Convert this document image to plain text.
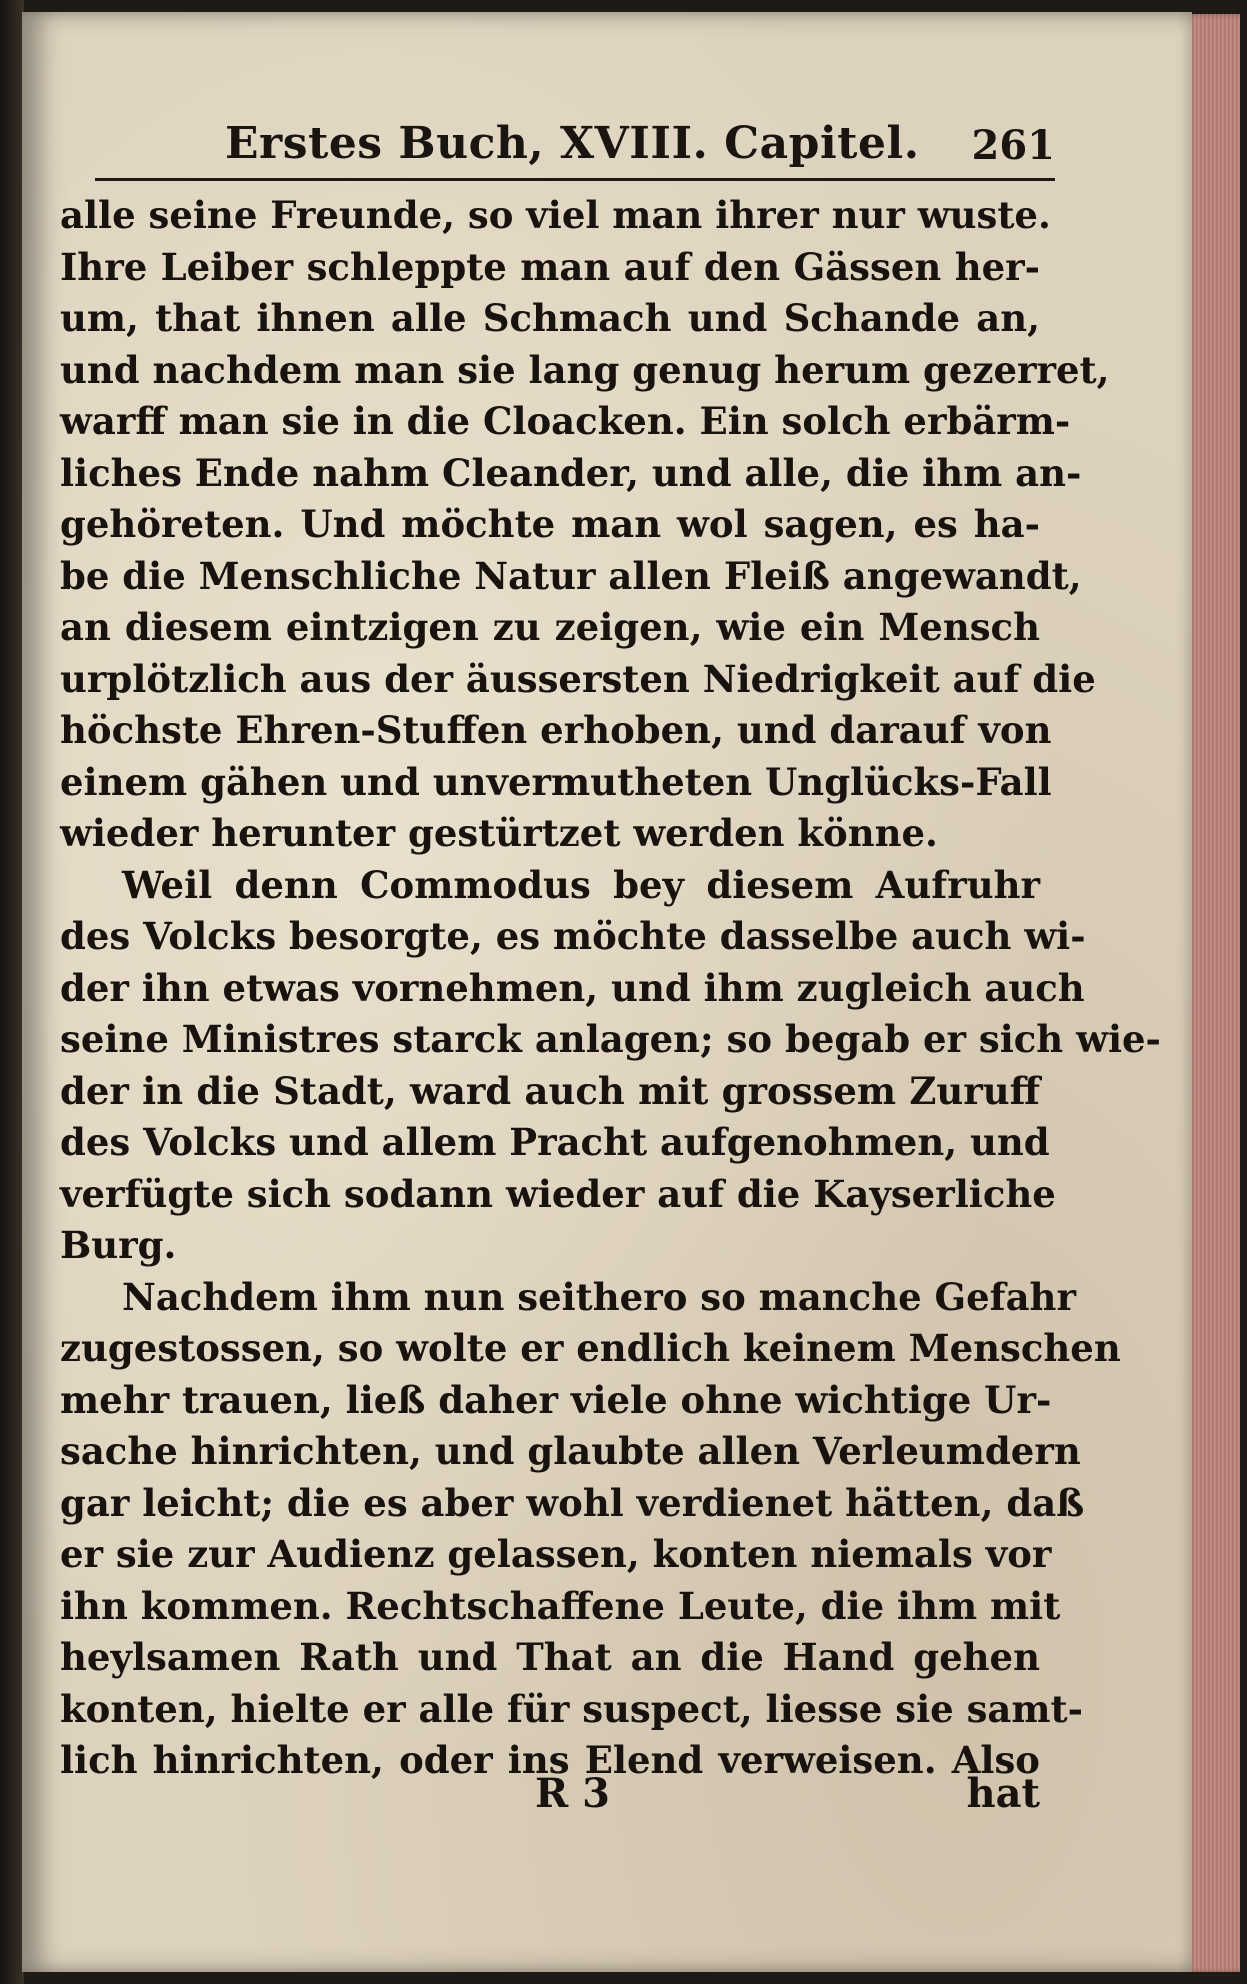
Erstes Buch, XVIII. Capitel. 261
alle seine Freunde, so viel man ihrer nur wuste.
Ihre Leiber schleppte man auf den Gässen her-
um, that ihnen alle Schmach und Schande an,
und nachdem man sie lang genug herum gezerret,
warff man sie in die Cloacken. Ein solch erbärm-
liches Ende nahm Cleander, und alle, die ihm an-
gehöreten. Und möchte man wol sagen, es ha-
be die Menschliche Natur allen Fleiß angewandt,
an diesem eintzigen zu zeigen, wie ein Mensch
urplötzlich aus der äussersten Niedrigkeit auf die
höchste Ehren-Stuffen erhoben, und darauf von
einem gähen und unvermutheten Unglücks-Fall
wieder herunter gestürtzet werden könne.
Weil denn Commodus bey diesem Aufruhr
des Volcks besorgte, es möchte dasselbe auch wi-
der ihn etwas vornehmen, und ihm zugleich auch
seine Ministres starck anlagen; so begab er sich wie-
der in die Stadt, ward auch mit grossem Zuruff
des Volcks und allem Pracht aufgenohmen, und
verfügte sich sodann wieder auf die Kayserliche
Burg.
Nachdem ihm nun seithero so manche Gefahr
zugestossen, so wolte er endlich keinem Menschen
mehr trauen, ließ daher viele ohne wichtige Ur-
sache hinrichten, und glaubte allen Verleumdern
gar leicht; die es aber wohl verdienet hätten, daß
er sie zur Audienz gelassen, konten niemals vor
ihn kommen. Rechtschaffene Leute, die ihm mit
heylsamen Rath und That an die Hand gehen
konten, hielte er alle für suspect, liesse sie samt-
lich hinrichten, oder ins Elend verweisen. Also
R 3	hat
